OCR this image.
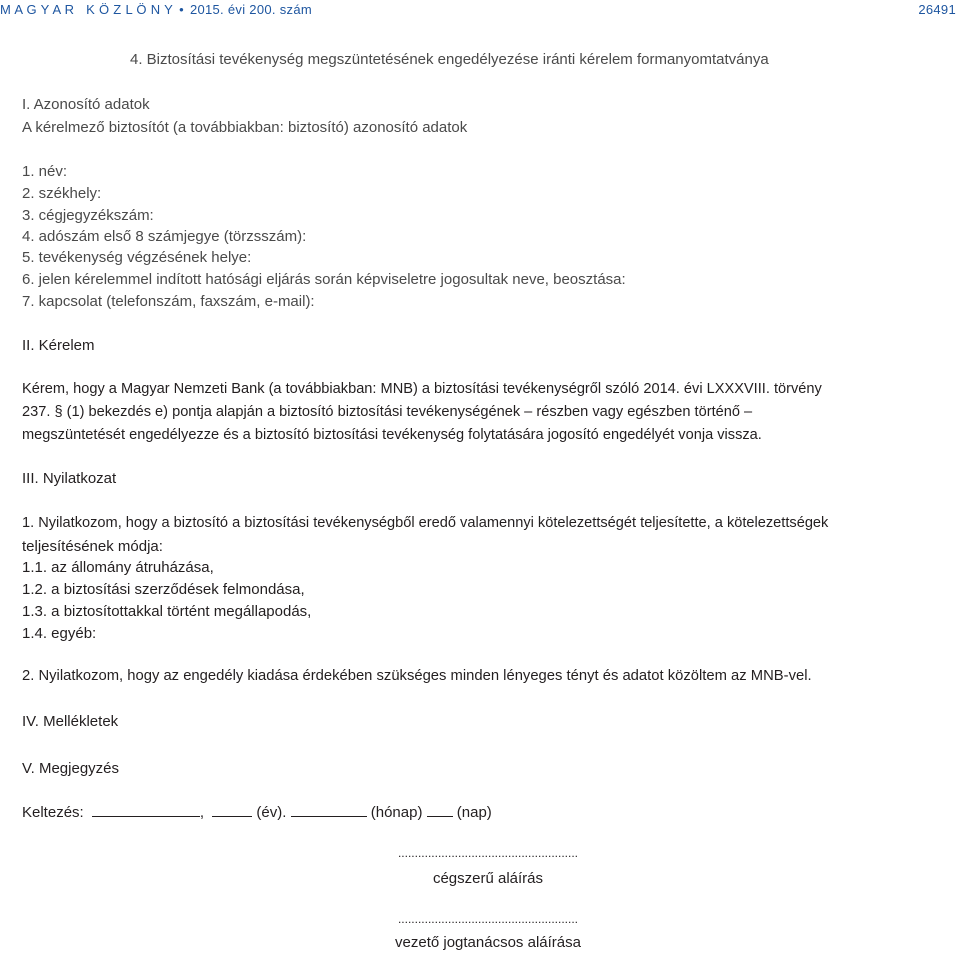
M A G Y A R   K Ö Z L Ö N Y • 2015. évi 200. szám	26491
4. Biztosítási tevékenység megszüntetésének engedélyezése iránti kérelem formanyomtatványa
I. Azonosító adatok
A kérelmező biztosítót (a továbbiakban: biztosító) azonosító adatok
1. név:
2. székhely:
3. cégjegyzékszám:
4. adószám első 8 számjegye (törzsszám):
5. tevékenység végzésének helye:
6. jelen kérelemmel indított hatósági eljárás során képviseletre jogosultak neve, beosztása:
7. kapcsolat (telefonszám, faxszám, e-mail):
II. Kérelem
Kérem, hogy a Magyar Nemzeti Bank (a továbbiakban: MNB) a biztosítási tevékenységről szóló 2014. évi LXXXVIII. törvény
237. § (1) bekezdés e) pontja alapján a biztosító biztosítási tevékenységének – részben vagy egészben történő –
megszüntetését engedélyezze és a biztosító biztosítási tevékenység folytatására jogosító engedélyét vonja vissza.
III. Nyilatkozat
1. Nyilatkozom, hogy a biztosító a biztosítási tevékenységből eredő valamennyi kötelezettségét teljesítette, a kötelezettségek
teljesítésének módja:
1.1. az állomány átruházása,
1.2. a biztosítási szerződések felmondása,
1.3. a biztosítottakkal történt megállapodás,
1.4. egyéb:
2. Nyilatkozom, hogy az engedély kiadása érdekében szükséges minden lényeges tényt és adatot közöltem az MNB-vel.
IV. Mellékletek
V. Megjegyzés
Keltezés:	,	(év).	(hónap) (nap)
......................................................
cégszerű aláírás
......................................................
vezető jogtanácsos aláírása
